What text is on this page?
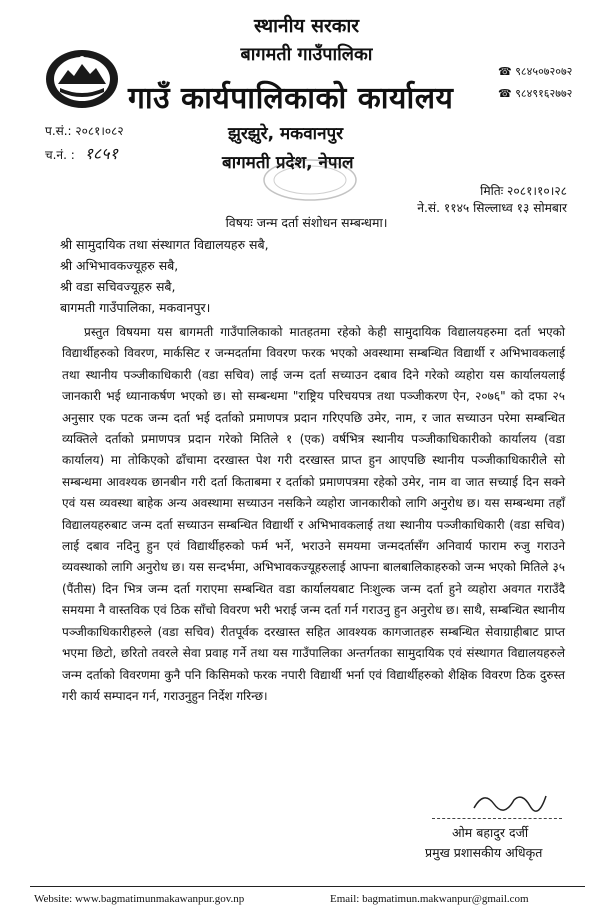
स्थानीय सरकार
बागमती गाउँपालिका
गाउँ कार्यपालिकाको कार्यालय
झुरझुरे, मकवानपुर
बागमती प्रदेश, नेपाल
☎ ९८४५०७२०७२
☎ ९८४९१६२७७२
प.सं.: २०८१।०८२
च.नं. : १८५१
मितिः २०८१।१०।२८
ने.सं. ११४५ सिल्लाध्व १३ सोमबार
विषयः जन्म दर्ता संशोधन सम्बन्धमा।
श्री सामुदायिक तथा संस्थागत विद्यालयहरु सबै,
श्री अभिभावकज्यूहरु सबै,
श्री वडा सचिवज्यूहरु सबै,
बागमती गाउँपालिका, मकवानपुर।
प्रस्तुत विषयमा यस बागमती गाउँपालिकाको मातहतमा रहेको केही सामुदायिक विद्यालयहरुमा दर्ता भएको विद्यार्थीहरुको विवरण, मार्कसिट र जन्मदर्तामा विवरण फरक भएको अवस्थामा सम्बन्धित विद्यार्थी र अभिभावकलाई तथा स्थानीय पञ्जीकाधिकारी (वडा सचिव) लाई जन्म दर्ता सच्याउन दबाव दिने गरेको व्यहोरा यस कार्यालयलाई जानकारी भई ध्यानाकर्षण भएको छ। सो सम्बन्धमा "राष्ट्रिय परिचयपत्र तथा पञ्जीकरण ऐन, २०७६" को दफा २५ अनुसार एक पटक जन्म दर्ता भई दर्ताको प्रमाणपत्र प्रदान गरिएपछि उमेर, नाम, र जात सच्याउन परेमा सम्बन्धित व्यक्तिले दर्ताको प्रमाणपत्र प्रदान गरेको मितिले १ (एक) वर्षभित्र स्थानीय पञ्जीकाधिकारीको कार्यालय (वडा कार्यालय) मा तोकिएको ढाँचामा दरखास्त पेश गरी दरखास्त प्राप्त हुन आएपछि स्थानीय पञ्जीकाधिकारीले सो सम्बन्धमा आवश्यक छानबीन गरी दर्ता किताबमा र दर्ताको प्रमाणपत्रमा रहेको उमेर, नाम वा जात सच्याई दिन सक्ने एवं यस व्यवस्था बाहेक अन्य अवस्थामा सच्याउन नसकिने व्यहोरा जानकारीको लागि अनुरोध छ। यस सम्बन्धमा तहाँ विद्यालयहरुबाट जन्म दर्ता सच्याउन सम्बन्धित विद्यार्थी र अभिभावकलाई तथा स्थानीय पञ्जीकाधिकारी (वडा सचिव) लाई दबाव नदिनु हुन एवं विद्यार्थीहरुको फर्म भर्ने, भराउने समयमा जन्मदर्तासँग अनिवार्य फाराम रुजु गराउने व्यवस्थाको लागि अनुरोध छ। यस सन्दर्भमा, अभिभावकज्यूहरुलाई आफ्ना बालबालिकाहरुको जन्म भएको मितिले ३५ (पैंतीस) दिन भित्र जन्म दर्ता गराएमा सम्बन्धित वडा कार्यालयबाट निःशुल्क जन्म दर्ता हुने व्यहोरा अवगत गराउँदै समयमा नै वास्तविक एवं ठिक साँचो विवरण भरी भराई जन्म दर्ता गर्न गराउनु हुन अनुरोध छ। साथै, सम्बन्धित स्थानीय पञ्जीकाधिकारीहरुले (वडा सचिव) रीतपूर्वक दरखास्त सहित आवश्यक कागजातहरु सम्बन्धित सेवाग्राहीबाट प्राप्त भएमा छिटो, छरितो तवरले सेवा प्रवाह गर्ने तथा यस गाउँपालिका अन्तर्गतका सामुदायिक एवं संस्थागत विद्यालयहरुले जन्म दर्ताको विवरणमा कुनै पनि किसिमको फरक नपारी विद्यार्थी भर्ना एवं विद्यार्थीहरुको शैक्षिक विवरण ठिक दुरुस्त गरी कार्य सम्पादन गर्न, गराउनुहुन निर्देश गरिन्छ।
ओम बहादुर दर्जी
प्रमुख प्रशासकीय अधिकृत
Website: www.bagmatimunmakawanpur.gov.np	Email: bagmatimun.makwanpur@gmail.com
